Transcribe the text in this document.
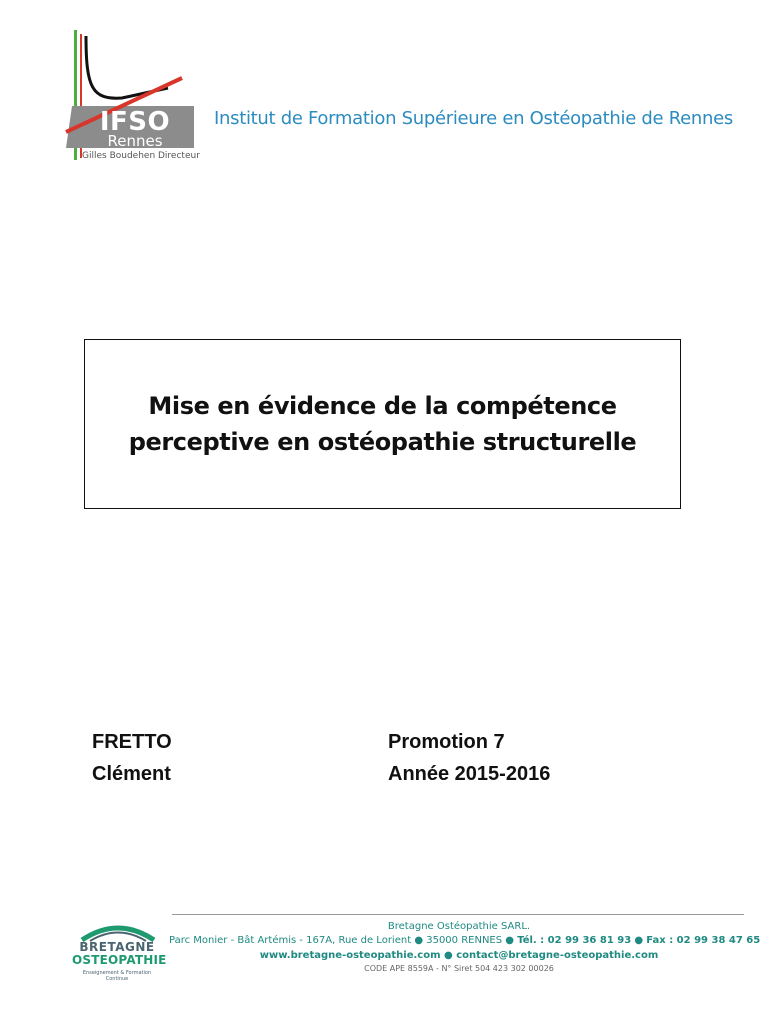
IFSO
Rennes
Gilles Boudehen Directeur
Institut de Formation Supérieure en Ostéopathie de Rennes
Mise en évidence de la compétence
perceptive en ostéopathie structurelle
FRETTO
Clément
Promotion 7
Année 2015-2016
BRETAGNE
OSTEOPATHIE
Enseignement & Formation Continue
Bretagne Ostéopathie SARL.
Parc Monier - Bât Artémis - 167A, Rue de Lorient ● 35000 RENNES ● Tél. : 02 99 36 81 93 ● Fax : 02 99 38 47 65
www.bretagne-osteopathie.com ● contact@bretagne-osteopathie.com
CODE APE 8559A - N° Siret 504 423 302 00026
